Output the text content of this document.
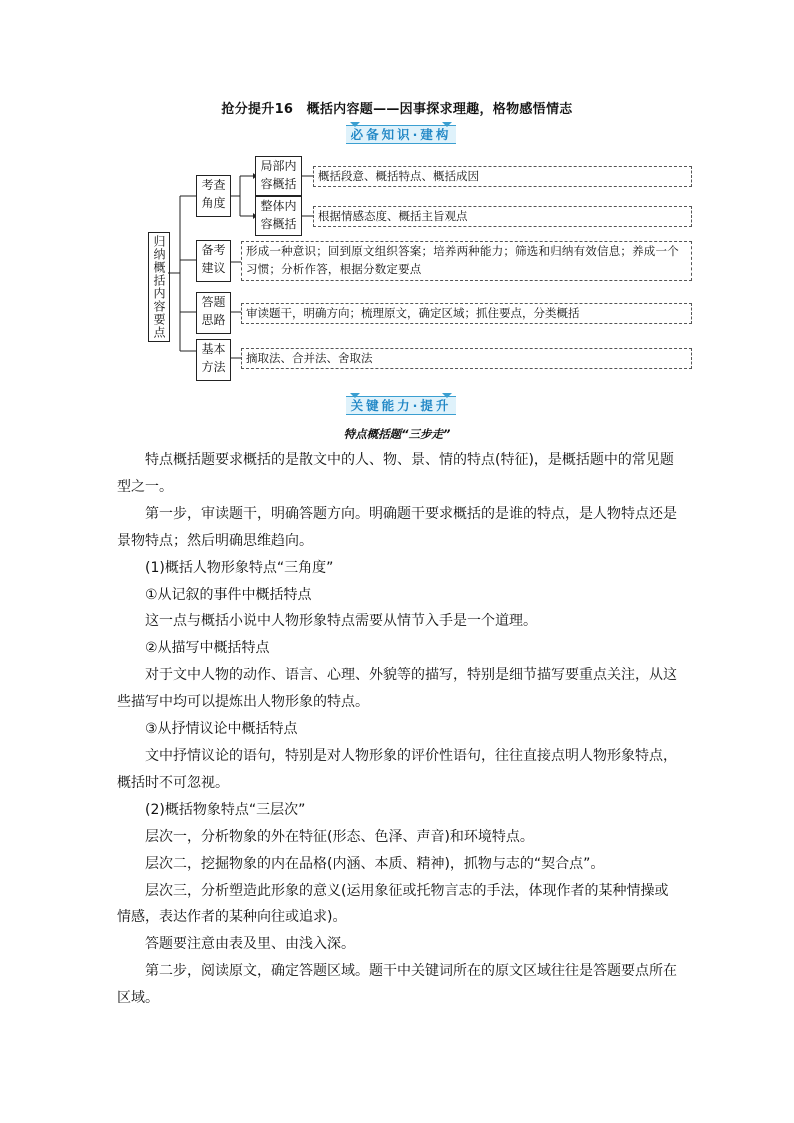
抢分提升16　概括内容题——因事探求理趣，格物感悟情志
必备知识·建构
归纳概括内容要点
考查角度
局部内容概括
整体内容概括
概括段意、概括特点、概括成因
根据情感态度、概括主旨观点
备考建议
形成一种意识；回到原文组织答案；培养两种能力；筛选和归纳有效信息；养成一个习惯；分析作答，根据分数定要点
答题思路	审读题干，明确方向；梳理原文，确定区域；抓住要点，分类概括
基本方法
摘取法、合并法、舍取法
关键能力·提升
特点概括题“三步走”

特点概括题要求概括的是散文中的人、物、景、情的特点(特征)，是概括题中的常见题型之一。

第一步，审读题干，明确答题方向。明确题干要求概括的是谁的特点，是人物特点还是景物特点；然后明确思维趋向。

(1)概括人物形象特点“三角度”

①从记叙的事件中概括特点

这一点与概括小说中人物形象特点需要从情节入手是一个道理。

②从描写中概括特点

对于文中人物的动作、语言、心理、外貌等的描写，特别是细节描写要重点关注，从这些描写中均可以提炼出人物形象的特点。

③从抒情议论中概括特点

文中抒情议论的语句，特别是对人物形象的评价性语句，往往直接点明人物形象特点，概括时不可忽视。

(2)概括物象特点“三层次”

层次一，分析物象的外在特征(形态、色泽、声音)和环境特点。

层次二，挖掘物象的内在品格(内涵、本质、精神)，抓物与志的“契合点”。

层次三，分析塑造此形象的意义(运用象征或托物言志的手法，体现作者的某种情操或情感，表达作者的某种向往或追求)。

答题要注意由表及里、由浅入深。

第二步，阅读原文，确定答题区域。题干中关键词所在的原文区域往往是答题要点所在区域。
